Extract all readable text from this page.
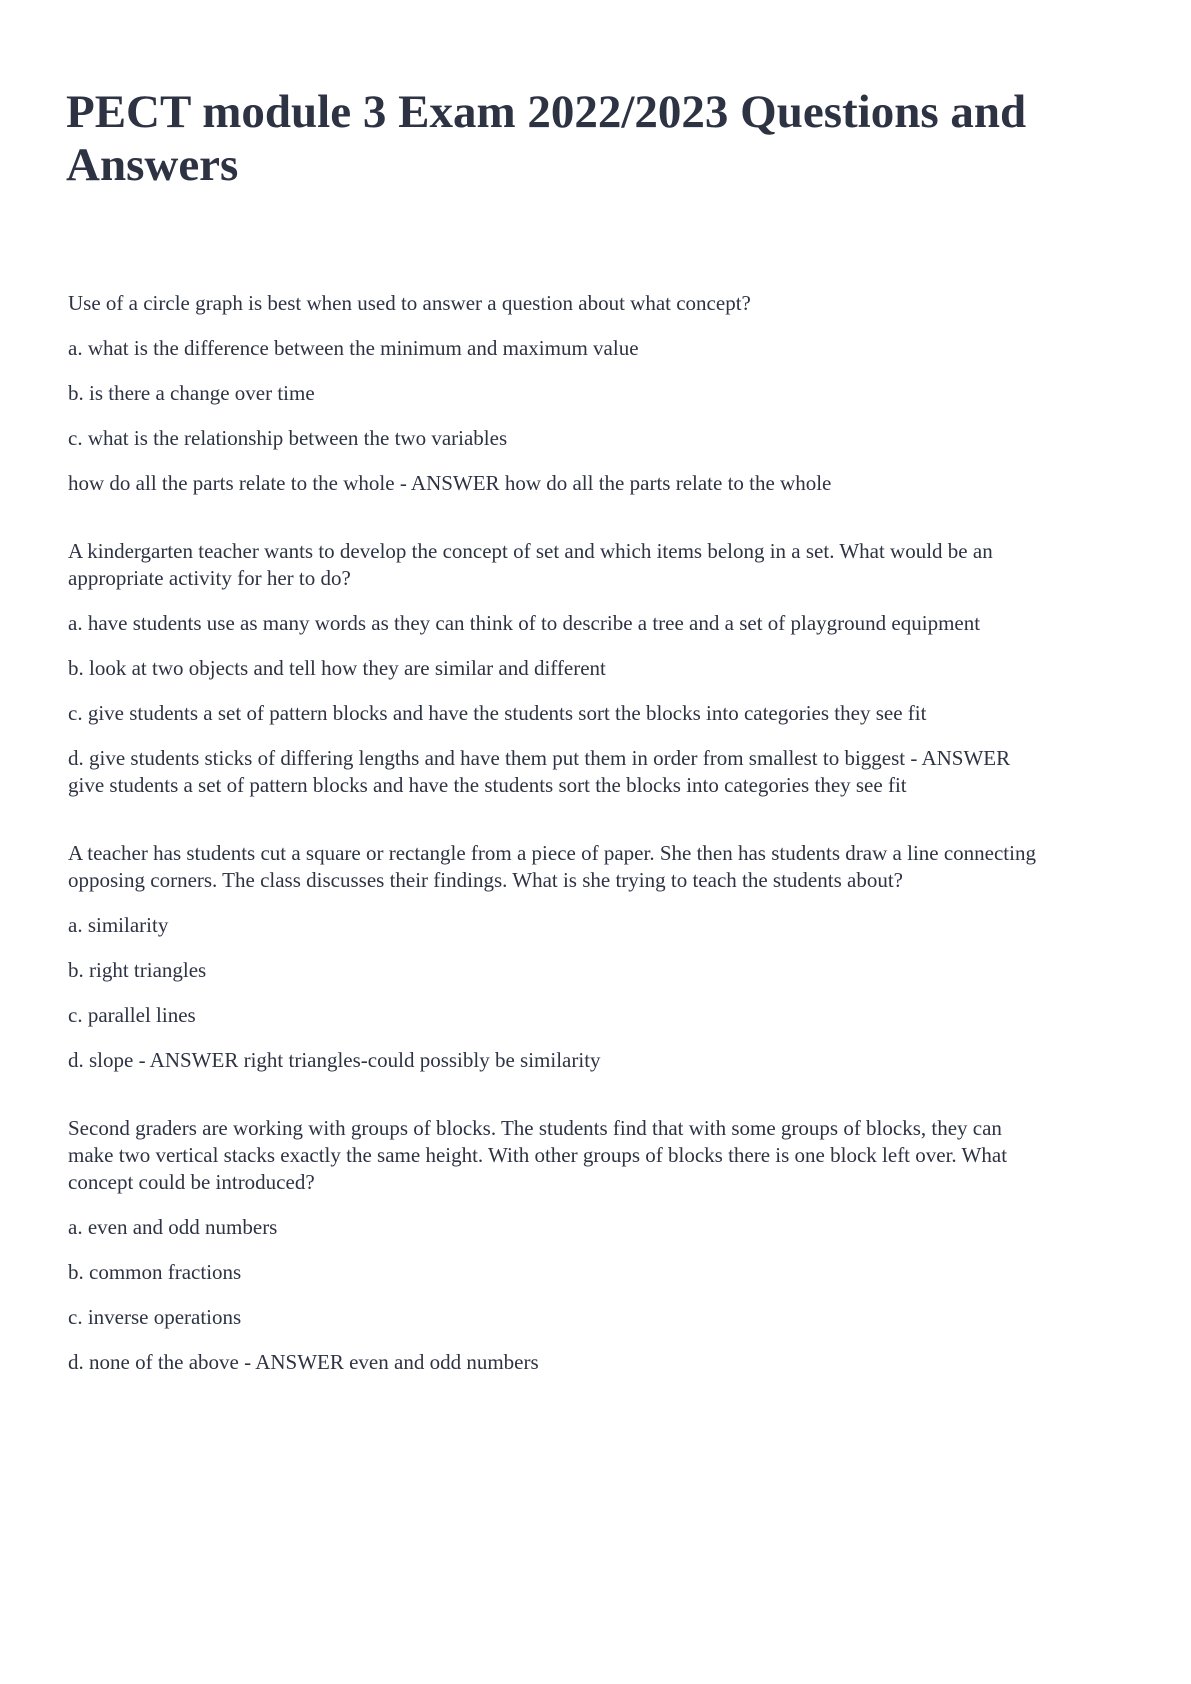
PECT module 3 Exam 2022/2023 Questions and Answers

Use of a circle graph is best when used to answer a question about what concept?

a. what is the difference between the minimum and maximum value

b. is there a change over time

c. what is the relationship between the two variables

how do all the parts relate to the whole - ANSWER how do all the parts relate to the whole

A kindergarten teacher wants to develop the concept of set and which items belong in a set. What would be an appropriate activity for her to do?

a. have students use as many words as they can think of to describe a tree and a set of playground equipment

b. look at two objects and tell how they are similar and different

c. give students a set of pattern blocks and have the students sort the blocks into categories they see fit

d. give students sticks of differing lengths and have them put them in order from smallest to biggest - ANSWER give students a set of pattern blocks and have the students sort the blocks into categories they see fit

A teacher has students cut a square or rectangle from a piece of paper. She then has students draw a line connecting opposing corners. The class discusses their findings. What is she trying to teach the students about?

a. similarity

b. right triangles

c. parallel lines

d. slope - ANSWER right triangles-could possibly be similarity

Second graders are working with groups of blocks. The students find that with some groups of blocks, they can make two vertical stacks exactly the same height. With other groups of blocks there is one block left over. What concept could be introduced?

a. even and odd numbers

b. common fractions

c. inverse operations

d. none of the above - ANSWER even and odd numbers
